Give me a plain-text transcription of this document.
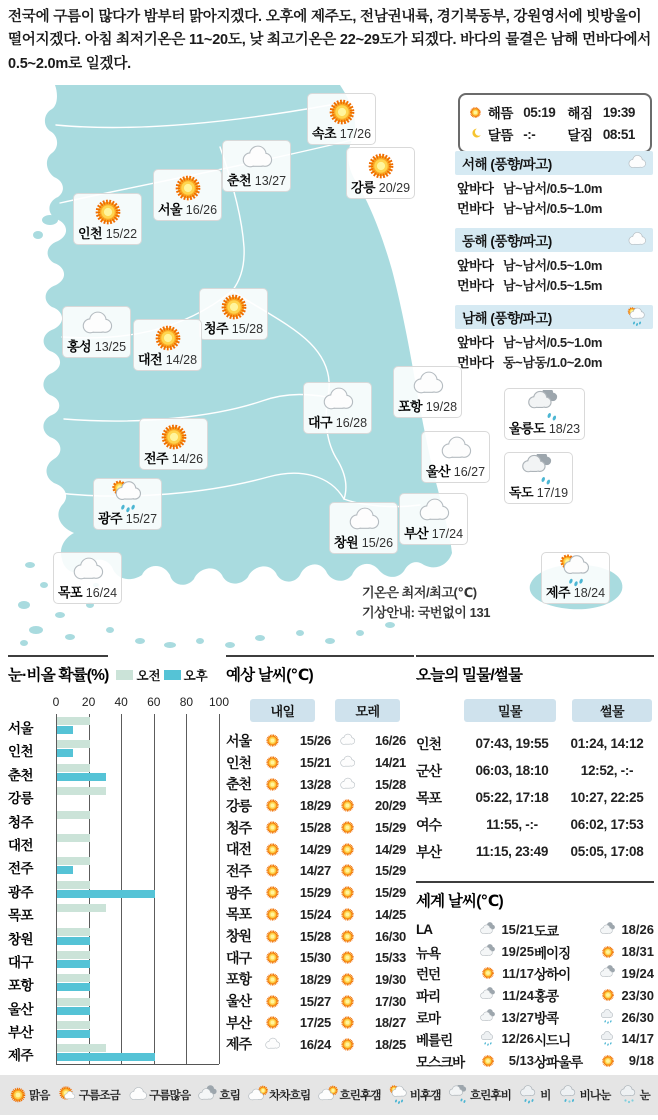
전국에 구름이 많다가 밤부터 맑아지겠다. 오후에 제주도, 전남권내륙, 경기북동부, 강원영서에 빗방울이 떨어지겠다. 아침 최저기온은 11~20도, 낮 최고기온은 22~29도가 되겠다. 바다의 물결은 남해 먼바다에서 0.5~2.0m로 일겠다.

속초 17/26
춘천 13/27	강릉 20/29
서울 16/26
인천 15/22
청주 15/28
홍성 13/25
대전 14/28
포항 19/28
대구 16/28	울릉도 18/23
전주 14/26
울산 16/27
독도 17/19
광주 15/27
부산 17/24
창원 15/26
목포 16/24	제주 18/24
해뜸 05:19 해짐 19:39
달뜸 -:-	달짐 08:51
서해 (풍향/파고)
앞바다 남~남서/0.5~1.0m
먼바다 남~남서/0.5~1.0m
동해 (풍향/파고)
앞바다 남~남서/0.5~1.0m
먼바다 남~남서/0.5~1.5m
남해 (풍향/파고)
앞바다 남~남서/0.5~1.0m
먼바다 동~남동/1.0~2.0m
기온은 최저/최고(℃)
기상안내: 국번없이 131
눈·비올 확률(%) 오전 오후
0 20 40 60 80 100
서울
인천
춘천
강릉
청주
대전
전주
광주
목포
창원
대구
포항
울산
부산
제주
예상 날씨(℃)
내일	모레
서울	15/26	16/26
인천	15/21	14/21
춘천	13/28	15/28
강릉	18/29	20/29
청주	15/28	15/29
대전	14/29	14/29
전주	14/27	15/29
광주	15/29	15/29
목포	15/24	14/25
창원	15/28	16/30
대구	15/30	15/33
포항	18/29	19/30
울산	15/27	17/30
부산	17/25	18/27
제주	16/24	18/25
오늘의 밀물/썰물
밀물	썰물
인천	07:43, 19:55	01:24, 14:12
군산	06:03, 18:10	12:52, -:-
목포	05:22, 17:18	10:27, 22:25
여수	11:55, -:-	06:02, 17:53
부산	11:15, 23:49	05:05, 17:08
세계 날씨(℃)
LA	15/21 도쿄	18/26
뉴욕	19/25 베이징	18/31
런던	11/17 상하이	19/24
파리	11/24 홍콩	23/30
로마	13/27 방콕	26/30
베를린	12/26 시드니	14/17
모스크바	5/13 상파울루	9/18
맑음	구름조금	구름많음	흐림	차차흐림	흐린후갬	비후갬	흐린후비	비	비나눈	눈
